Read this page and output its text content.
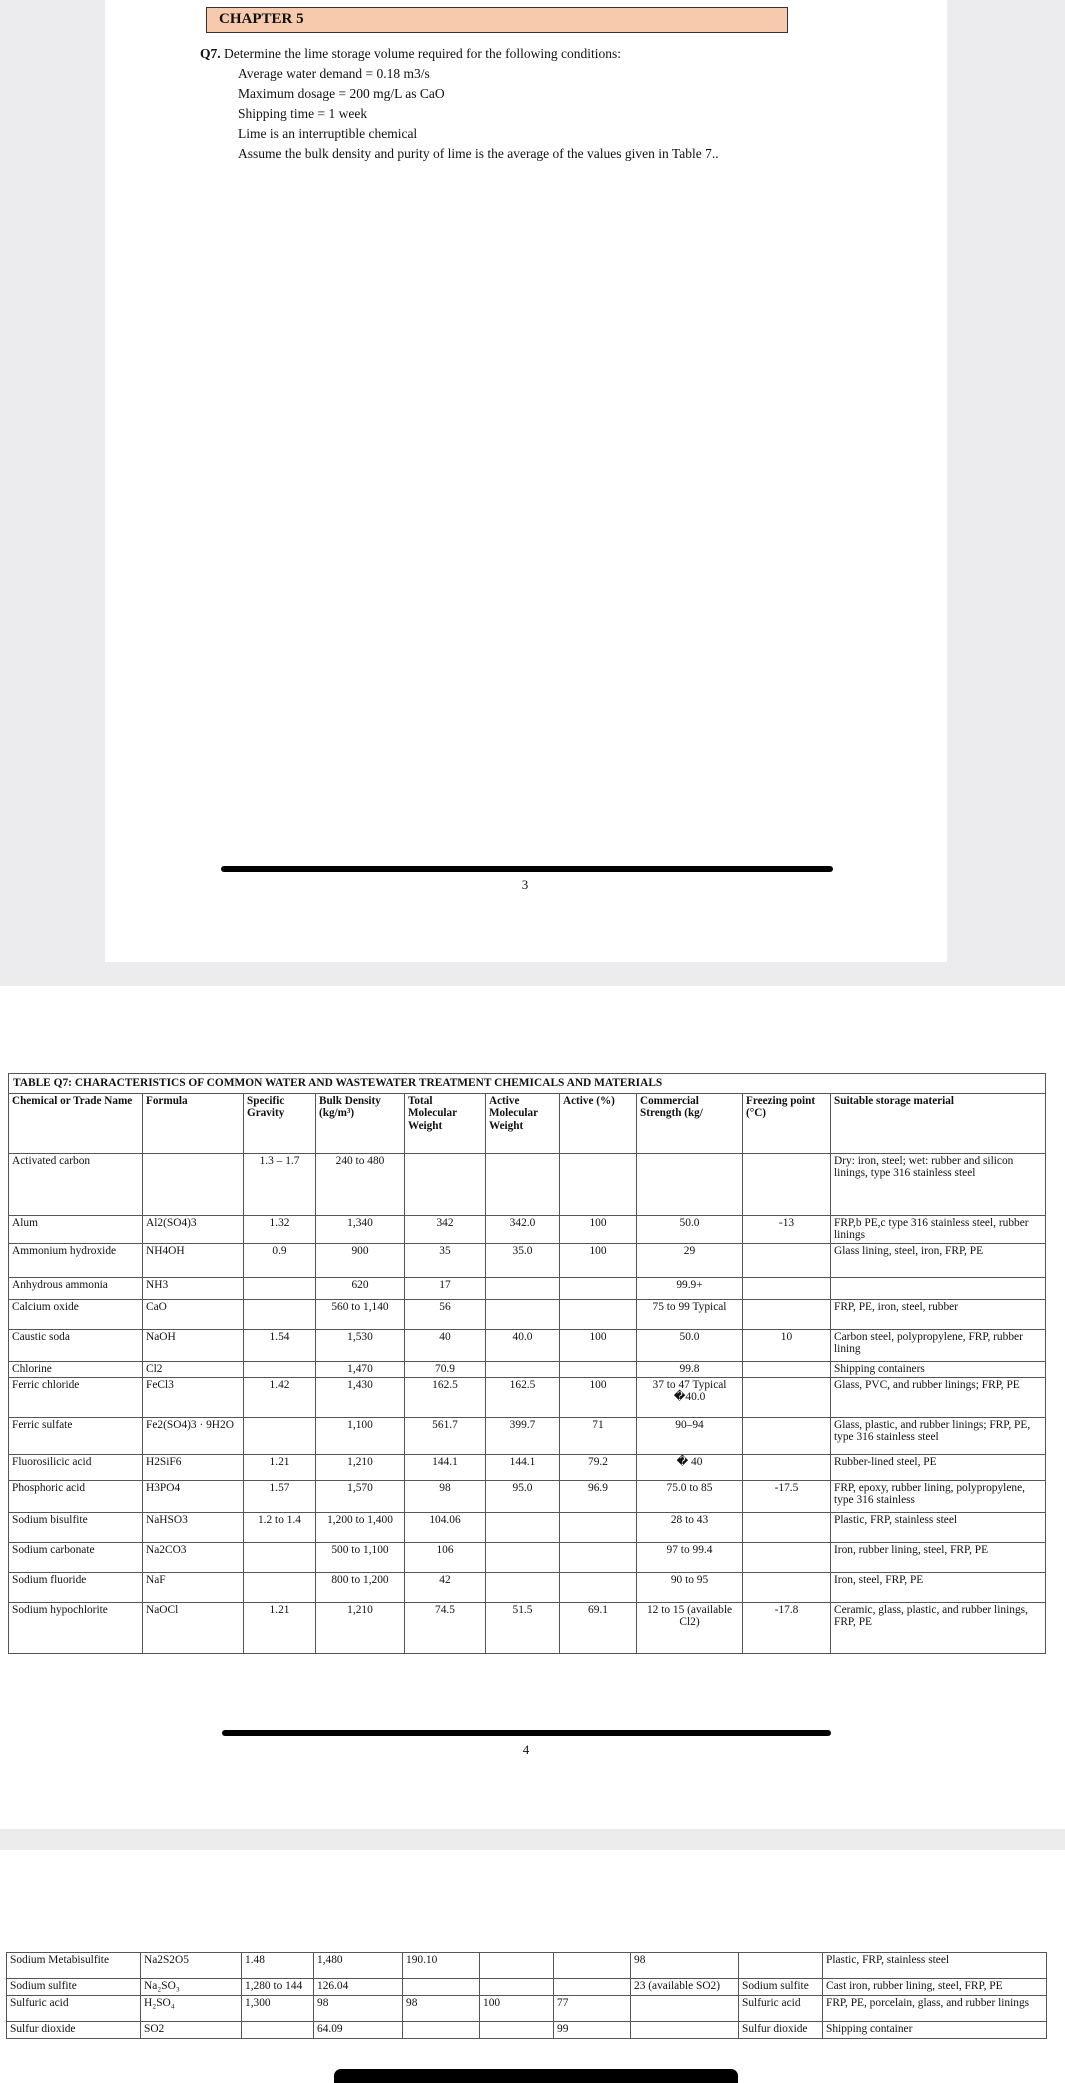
CHAPTER 5
Q7. Determine the lime storage volume required for the following conditions:
Average water demand = 0.18 m3/s
Maximum dosage = 200 mg/L as CaO
Shipping time = 1 week
Lime is an interruptible chemical
Assume the bulk density and purity of lime is the average of the values given in Table 7..
3
TABLE Q7: CHARACTERISTICS OF COMMON WATER AND WASTEWATER TREATMENT CHEMICALS AND MATERIALS									
Chemical or Trade Name	Formula	Specific Gravity	Bulk Density (kg/m³)	Total Molecular Weight	Active Molecular Weight	Active (%)	Commercial Strength (kg/	Freezing point (°C)	Suitable storage material
Activated carbon		1.3 – 1.7	240 to 480						Dry: iron, steel; wet: rubber and silicon linings, type 316 stainless steel
Alum	Al2(SO4)3	1.32	1,340	342	342.0	100	50.0	-13	FRP,b PE,c type 316 stainless steel, rubber linings
Ammonium hydroxide	NH4OH	0.9	900	35	35.0	100	29		Glass lining, steel, iron, FRP, PE
Anhydrous ammonia	NH3		620	17			99.9+		
Calcium oxide	CaO		560 to 1,140	56			75 to 99 Typical		FRP, PE, iron, steel, rubber
Caustic soda	NaOH	1.54	1,530	40	40.0	100	50.0	10	Carbon steel, polypropylene, FRP, rubber lining
Chlorine	Cl2		1,470	70.9			99.8		Shipping containers
Ferric chloride	FeCl3	1.42	1,430	162.5	162.5	100	37 to 47 Typical �40.0		Glass, PVC, and rubber linings; FRP, PE
Ferric sulfate	Fe2(SO4)3 · 9H2O		1,100	561.7	399.7	71	90–94		Glass, plastic, and rubber linings; FRP, PE, type 316 stainless steel
Fluorosilicic acid	H2SiF6	1.21	1,210	144.1	144.1	79.2	� 40		Rubber-lined steel, PE
Phosphoric acid	H3PO4	1.57	1,570	98	95.0	96.9	75.0 to 85	-17.5	FRP, epoxy, rubber lining, polypropylene, type 316 stainless
Sodium bisulfite	NaHSO3	1.2 to 1.4	1,200 to 1,400	104.06			28 to 43		Plastic, FRP, stainless steel
Sodium carbonate	Na2CO3		500 to 1,100	106			97 to 99.4		Iron, rubber lining, steel, FRP, PE
Sodium fluoride	NaF		800 to 1,200	42			90 to 95		Iron, steel, FRP, PE
Sodium hypochlorite	NaOCl	1.21	1,210	74.5	51.5	69.1	12 to 15 (available Cl2)	-17.8	Ceramic, glass, plastic, and rubber linings, FRP, PE
4
Sodium Metabisulfite	Na2S2O5	1.48	1,480	190.10			98		Plastic, FRP, stainless steel
Sodium sulfite	Na₂SO₃	1,280 to 144	126.04				23 (available SO2)	Sodium sulfite	Cast iron, rubber lining, steel, FRP, PE
Sulfuric acid	H₂SO₄	1,300	98	98	100	77		Sulfuric acid	FRP, PE, porcelain, glass, and rubber linings
Sulfur dioxide	SO2		64.09			99		Sulfur dioxide	Shipping container
